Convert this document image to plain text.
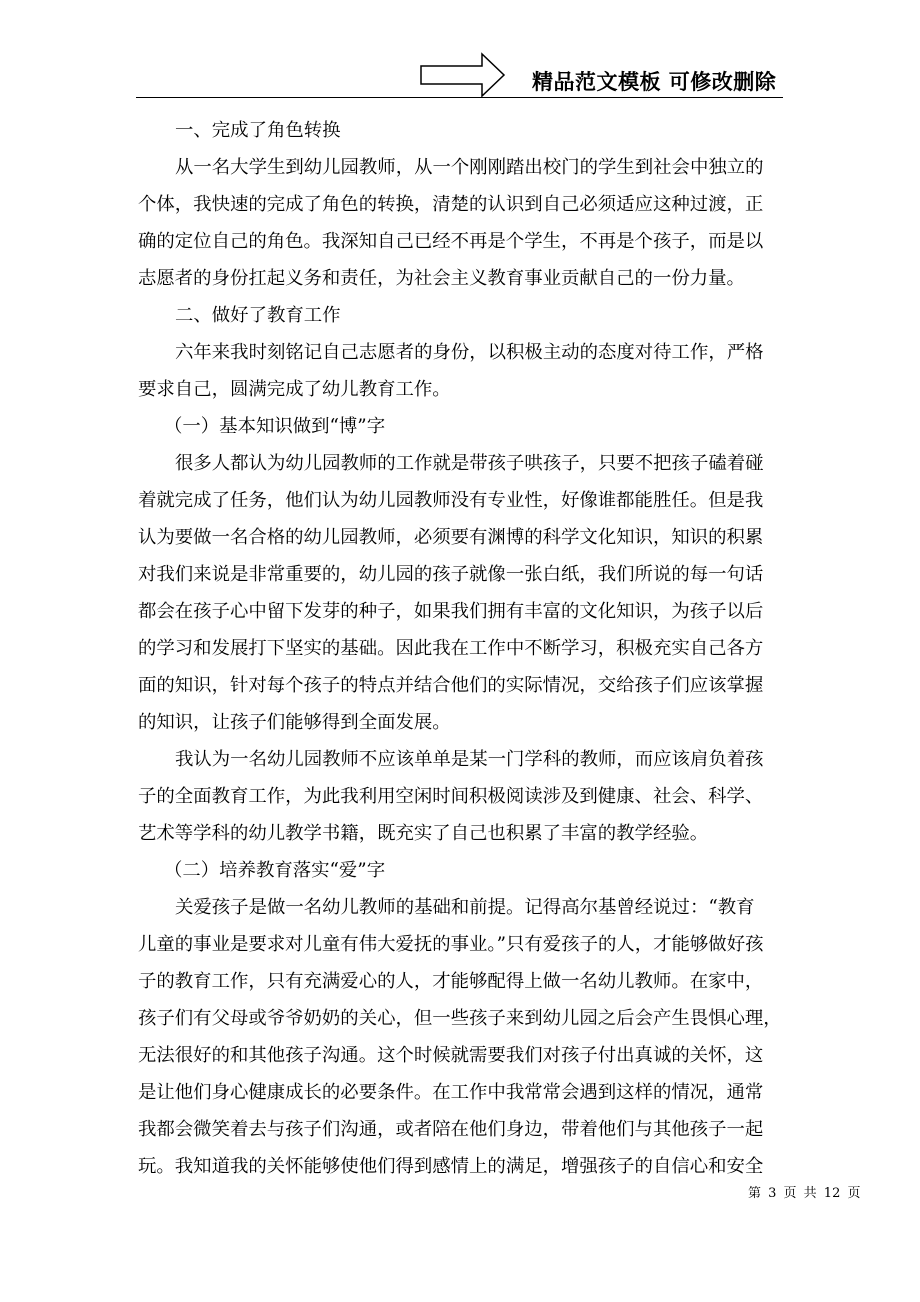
精品范文模板 可修改删除
一、完成了角色转换
从一名大学生到幼儿园教师，从一个刚刚踏出校门的学生到社会中独立的
个体，我快速的完成了角色的转换，清楚的认识到自己必须适应这种过渡，正
确的定位自己的角色。我深知自己已经不再是个学生，不再是个孩子，而是以
志愿者的身份扛起义务和责任，为社会主义教育事业贡献自己的一份力量。
二、做好了教育工作
六年来我时刻铭记自己志愿者的身份，以积极主动的态度对待工作，严格
要求自己，圆满完成了幼儿教育工作。
（一）基本知识做到“博”字
很多人都认为幼儿园教师的工作就是带孩子哄孩子，只要不把孩子磕着碰
着就完成了任务，他们认为幼儿园教师没有专业性，好像谁都能胜任。但是我
认为要做一名合格的幼儿园教师，必须要有渊博的科学文化知识，知识的积累
对我们来说是非常重要的，幼儿园的孩子就像一张白纸，我们所说的每一句话
都会在孩子心中留下发芽的种子，如果我们拥有丰富的文化知识，为孩子以后
的学习和发展打下坚实的基础。因此我在工作中不断学习，积极充实自己各方
面的知识，针对每个孩子的特点并结合他们的实际情况，交给孩子们应该掌握
的知识，让孩子们能够得到全面发展。
我认为一名幼儿园教师不应该单单是某一门学科的教师，而应该肩负着孩
子的全面教育工作，为此我利用空闲时间积极阅读涉及到健康、社会、科学、
艺术等学科的幼儿教学书籍，既充实了自己也积累了丰富的教学经验。
（二）培养教育落实“爱”字
关爱孩子是做一名幼儿教师的基础和前提。记得高尔基曾经说过：“教育
儿童的事业是要求对儿童有伟大爱抚的事业。”只有爱孩子的人，才能够做好孩
子的教育工作，只有充满爱心的人，才能够配得上做一名幼儿教师。在家中，
孩子们有父母或爷爷奶奶的关心，但一些孩子来到幼儿园之后会产生畏惧心理，
无法很好的和其他孩子沟通。这个时候就需要我们对孩子付出真诚的关怀，这
是让他们身心健康成长的必要条件。在工作中我常常会遇到这样的情况，通常
我都会微笑着去与孩子们沟通，或者陪在他们身边，带着他们与其他孩子一起
玩。我知道我的关怀能够使他们得到感情上的满足，增强孩子的自信心和安全
第 3 页 共 12 页
